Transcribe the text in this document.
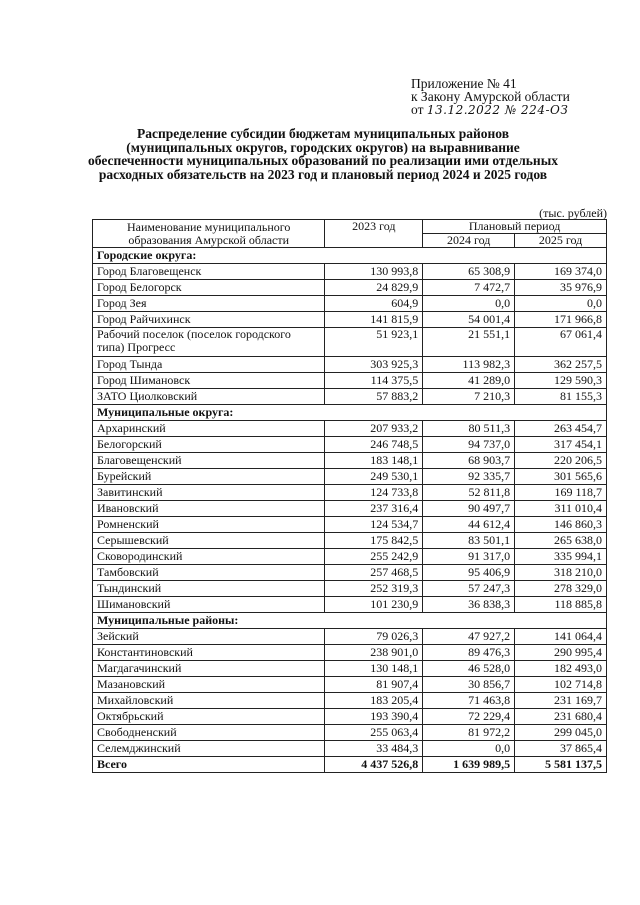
Приложение № 41
к Закону Амурской области
от 13.12.2022 № 224-ОЗ
Распределение субсидии бюджетам муниципальных районов (муниципальных округов, городских округов) на выравнивание обеспеченности муниципальных образований по реализации ими отдельных расходных обязательств на 2023 год и плановый период 2024 и 2025 годов
(тыс. рублей)
Наименование муниципального образования Амурской области	2023 год	Плановый период	
		2024 год	2025 год
Городские округа:			
Город Благовещенск	130 993,8	65 308,9	169 374,0
Город Белогорск	24 829,9	7 472,7	35 976,9
Город Зея	604,9	0,0	0,0
Город Райчихинск	141 815,9	54 001,4	171 966,8
Рабочий поселок (поселок городского типа) Прогресс	51 923,1	21 551,1	67 061,4
Город Тында	303 925,3	113 982,3	362 257,5
Город Шимановск	114 375,5	41 289,0	129 590,3
ЗАТО Циолковский	57 883,2	7 210,3	81 155,3
Муниципальные округа:			
Архаринский	207 933,2	80 511,3	263 454,7
Белогорский	246 748,5	94 737,0	317 454,1
Благовещенский	183 148,1	68 903,7	220 206,5
Бурейский	249 530,1	92 335,7	301 565,6
Завитинский	124 733,8	52 811,8	169 118,7
Ивановский	237 316,4	90 497,7	311 010,4
Ромненский	124 534,7	44 612,4	146 860,3
Серышевский	175 842,5	83 501,1	265 638,0
Сковородинский	255 242,9	91 317,0	335 994,1
Тамбовский	257 468,5	95 406,9	318 210,0
Тындинский	252 319,3	57 247,3	278 329,0
Шимановский	101 230,9	36 838,3	118 885,8
Муниципальные районы:			
Зейский	79 026,3	47 927,2	141 064,4
Константиновский	238 901,0	89 476,3	290 995,4
Магдагачинский	130 148,1	46 528,0	182 493,0
Мазановский	81 907,4	30 856,7	102 714,8
Михайловский	183 205,4	71 463,8	231 169,7
Октябрьский	193 390,4	72 229,4	231 680,4
Свободненский	255 063,4	81 972,2	299 045,0
Селемджинский	33 484,3	0,0	37 865,4
Всего	4 437 526,8	1 639 989,5	5 581 137,5
